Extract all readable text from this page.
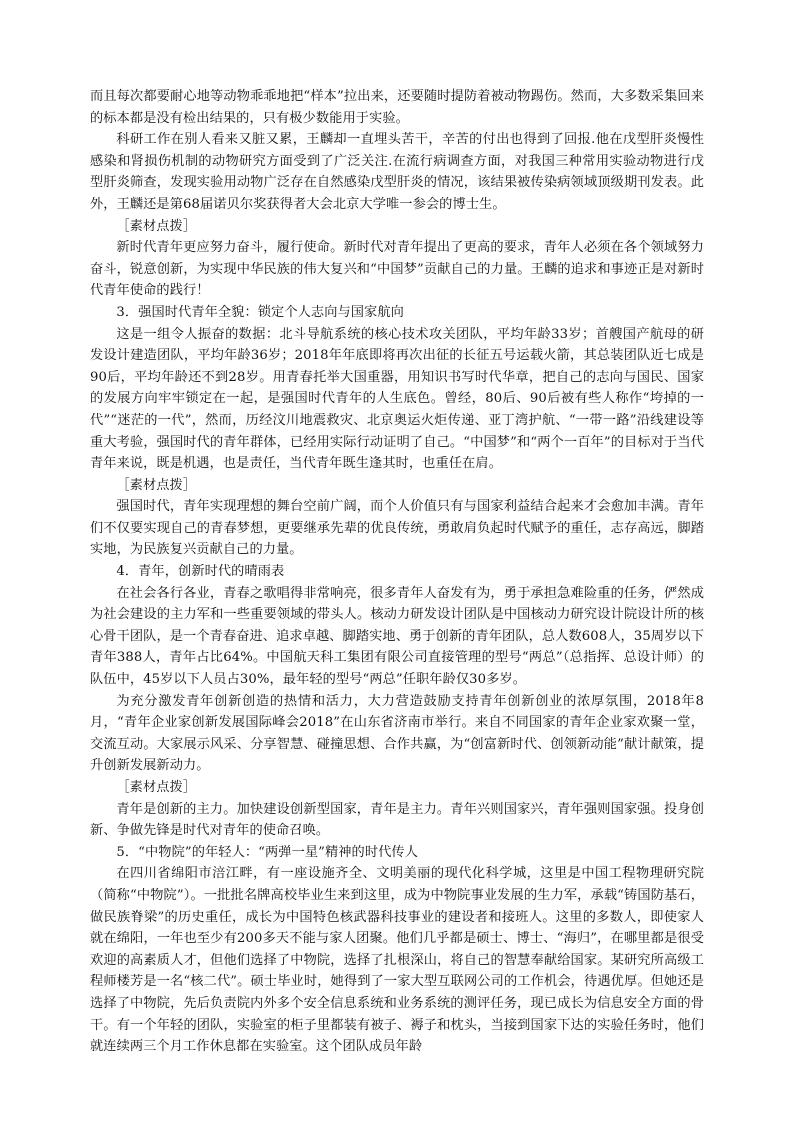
而且每次都要耐心地等动物乖乖地把“样本”拉出来，还要随时提防着被动物踢伤。然而，大多数采集回来的标本都是没有检出结果的，只有极少数能用于实验。

科研工作在别人看来又脏又累，王麟却一直埋头苦干，辛苦的付出也得到了回报.他在戊型肝炎慢性感染和肾损伤机制的动物研究方面受到了广泛关注.在流行病调查方面，对我国三种常用实验动物进行戊型肝炎筛查，发现实验用动物广泛存在自然感染戊型肝炎的情况，该结果被传染病领域顶级期刊发表。此外，王麟还是第68届诺贝尔奖获得者大会北京大学唯一参会的博士生。

［素材点拨］

新时代青年更应努力奋斗，履行使命。新时代对青年提出了更高的要求，青年人必须在各个领域努力奋斗，锐意创新，为实现中华民族的伟大复兴和“中国梦”贡献自己的力量。王麟的追求和事迹正是对新时代青年使命的践行！

3．强国时代青年全貌：锁定个人志向与国家航向

这是一组令人振奋的数据：北斗导航系统的核心技术攻关团队，平均年龄33岁；首艘国产航母的研发设计建造团队，平均年龄36岁；2018年年底即将再次出征的长征五号运载火箭，其总装团队近七成是90后，平均年龄还不到28岁。用青春托举大国重器，用知识书写时代华章，把自己的志向与国民、国家的发展方向牢牢锁定在一起，是强国时代青年的人生底色。曾经，80后、90后被有些人称作“垮掉的一代”“迷茫的一代”，然而，历经汶川地震救灾、北京奥运火炬传递、亚丁湾护航、“一带一路”沿线建设等重大考验，强国时代的青年群体，已经用实际行动证明了自己。“中国梦”和“两个一百年”的目标对于当代青年来说，既是机遇，也是责任，当代青年既生逢其时，也重任在肩。

［素材点拨］

强国时代，青年实现理想的舞台空前广阔，而个人价值只有与国家利益结合起来才会愈加丰满。青年们不仅要实现自己的青春梦想，更要继承先辈的优良传统，勇敢肩负起时代赋予的重任，志存高远，脚踏实地，为民族复兴贡献自己的力量。

4．青年，创新时代的晴雨表

在社会各行各业，青春之歌唱得非常响亮，很多青年人奋发有为，勇于承担急难险重的任务，俨然成为社会建设的主力军和一些重要领域的带头人。核动力研发设计团队是中国核动力研究设计院设计所的核心骨干团队，是一个青春奋进、追求卓越、脚踏实地、勇于创新的青年团队，总人数608人，35周岁以下青年388人，青年占比64%。中国航天科工集团有限公司直接管理的型号“两总”（总指挥、总设计师）的队伍中，45岁以下人员占30%，最年轻的型号“两总”任职年龄仅30多岁。

为充分激发青年创新创造的热情和活力，大力营造鼓励支持青年创新创业的浓厚氛围，2018年8月，“青年企业家创新发展国际峰会2018”在山东省济南市举行。来自不同国家的青年企业家欢聚一堂，交流互动。大家展示风采、分享智慧、碰撞思想、合作共赢，为“创富新时代、创领新动能”献计献策，提升创新发展新动力。

［素材点拨］

青年是创新的主力。加快建设创新型国家，青年是主力。青年兴则国家兴，青年强则国家强。投身创新、争做先锋是时代对青年的使命召唤。

5．“中物院”的年轻人：“两弹一星”精神的时代传人

在四川省绵阳市涪江畔，有一座设施齐全、文明美丽的现代化科学城，这里是中国工程物理研究院（简称“中物院”）。一批批名牌高校毕业生来到这里，成为中物院事业发展的生力军，承载“铸国防基石，做民族脊梁”的历史重任，成长为中国特色核武器科技事业的建设者和接班人。这里的多数人，即使家人就在绵阳，一年也至少有200多天不能与家人团聚。他们几乎都是硕士、博士、“海归”，在哪里都是很受欢迎的高素质人才，但他们选择了中物院，选择了扎根深山，将自己的智慧奉献给国家。某研究所高级工程师楼芳是一名“核二代”。硕士毕业时，她得到了一家大型互联网公司的工作机会，待遇优厚。但她还是选择了中物院，先后负责院内外多个安全信息系统和业务系统的测评任务，现已成长为信息安全方面的骨干。有一个年轻的团队，实验室的柜子里都装有被子、褥子和枕头，当接到国家下达的实验任务时，他们就连续两三个月工作休息都在实验室。这个团队成员年龄
